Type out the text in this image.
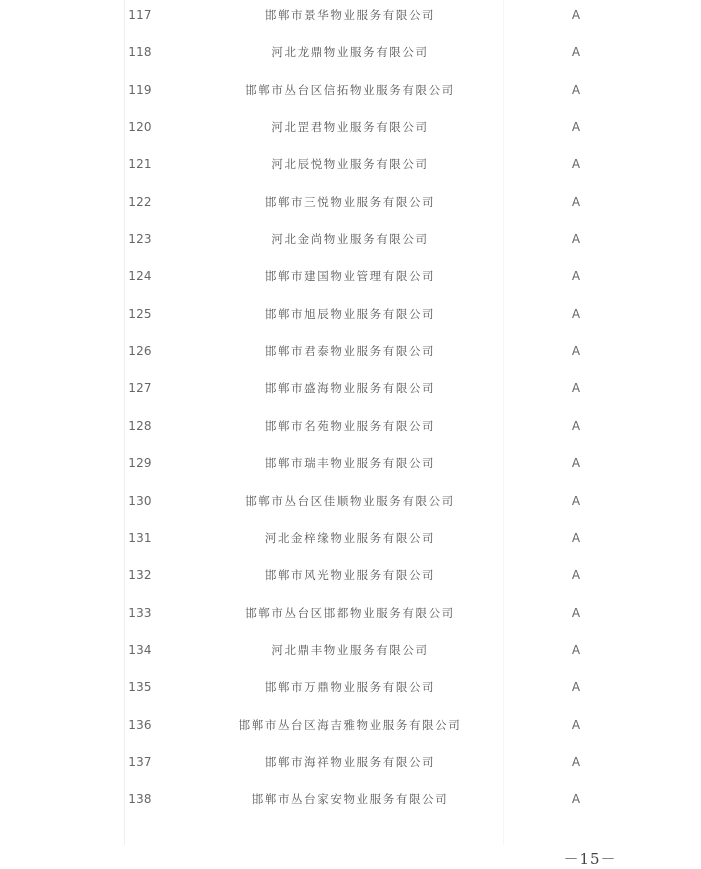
117	邯郸市景华物业服务有限公司	A
118	河北龙鼎物业服务有限公司	A
119	邯郸市丛台区信拓物业服务有限公司	A
120	河北罡君物业服务有限公司	A
121	河北辰悦物业服务有限公司	A
122	邯郸市三悦物业服务有限公司	A
123	河北金尚物业服务有限公司	A
124	邯郸市建国物业管理有限公司	A
125	邯郸市旭辰物业服务有限公司	A
126	邯郸市君泰物业服务有限公司	A
127	邯郸市盛海物业服务有限公司	A
128	邯郸市名苑物业服务有限公司	A
129	邯郸市瑞丰物业服务有限公司	A
130	邯郸市丛台区佳顺物业服务有限公司	A
131	河北金梓缘物业服务有限公司	A
132	邯郸市风光物业服务有限公司	A
133	邯郸市丛台区邯都物业服务有限公司	A
134	河北鼎丰物业服务有限公司	A
135	邯郸市万鼎物业服务有限公司	A
136	邯郸市丛台区海吉雅物业服务有限公司	A
137	邯郸市海祥物业服务有限公司	A
138	邯郸市丛台家安物业服务有限公司	A
－15－
